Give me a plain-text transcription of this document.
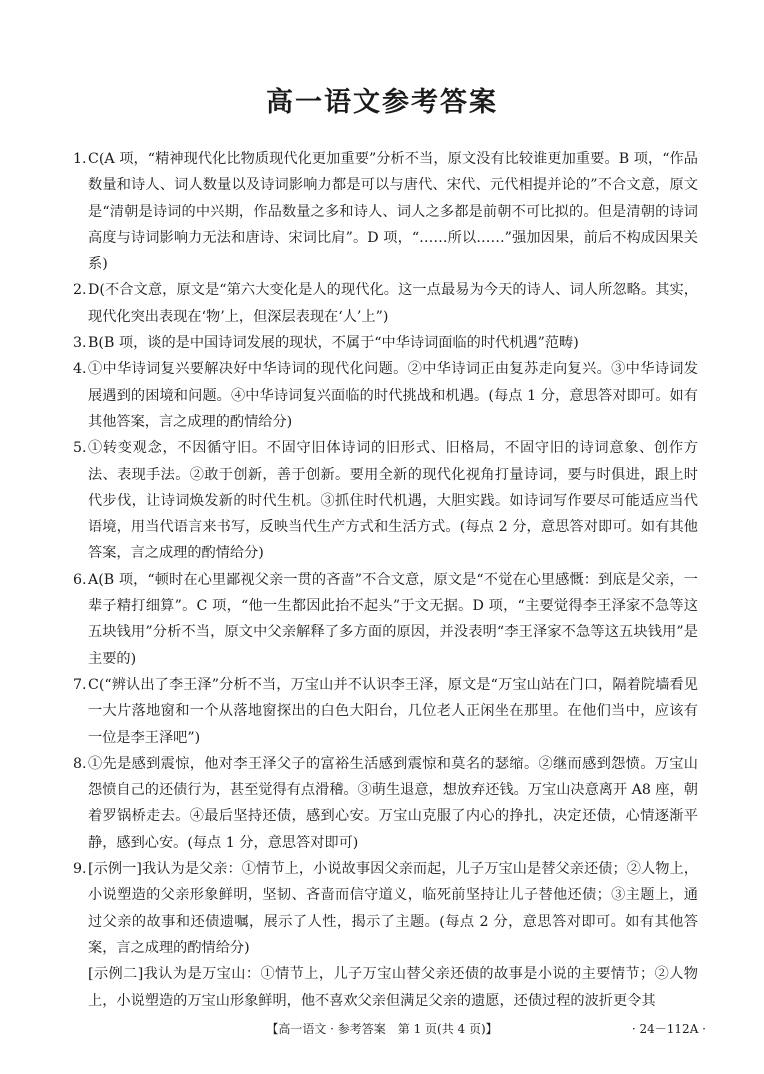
高一语文参考答案
1. C(A 项，“精神现代化比物质现代化更加重要”分析不当，原文没有比较谁更加重要。B 项，“作品数量和诗人、词人数量以及诗词影响力都是可以与唐代、宋代、元代相提并论的”不合文意，原文是“清朝是诗词的中兴期，作品数量之多和诗人、词人之多都是前朝不可比拟的。但是清朝的诗词高度与诗词影响力无法和唐诗、宋词比肩”。D 项，“……所以……”强加因果，前后不构成因果关系)
2. D(不合文意，原文是“第六大变化是人的现代化。这一点最易为今天的诗人、词人所忽略。其实，现代化突出表现在‘物’上，但深层表现在‘人’上”)
3. B(B 项，谈的是中国诗词发展的现状，不属于“中华诗词面临的时代机遇”范畴)
4. ①中华诗词复兴要解决好中华诗词的现代化问题。②中华诗词正由复苏走向复兴。③中华诗词发展遇到的困境和问题。④中华诗词复兴面临的时代挑战和机遇。(每点 1 分，意思答对即可。如有其他答案，言之成理的酌情给分)
5. ①转变观念，不因循守旧。不固守旧体诗词的旧形式、旧格局，不固守旧的诗词意象、创作方法、表现手法。②敢于创新，善于创新。要用全新的现代化视角打量诗词，要与时俱进，跟上时代步伐，让诗词焕发新的时代生机。③抓住时代机遇，大胆实践。如诗词写作要尽可能适应当代语境，用当代语言来书写，反映当代生产方式和生活方式。(每点 2 分，意思答对即可。如有其他答案，言之成理的酌情给分)
6. A(B 项，“顿时在心里鄙视父亲一贯的吝啬”不合文意，原文是“不觉在心里感慨：到底是父亲，一辈子精打细算”。C 项，“他一生都因此抬不起头”于文无据。D 项，“主要觉得李王泽家不急等这五块钱用”分析不当，原文中父亲解释了多方面的原因，并没表明“李王泽家不急等这五块钱用”是主要的)
7. C(“辨认出了李王泽”分析不当，万宝山并不认识李王泽，原文是“万宝山站在门口，隔着院墙看见一大片落地窗和一个从落地窗探出的白色大阳台，几位老人正闲坐在那里。在他们当中，应该有一位是李王泽吧”)
8. ①先是感到震惊，他对李王泽父子的富裕生活感到震惊和莫名的瑟缩。②继而感到怨愤。万宝山怨愤自己的还债行为，甚至觉得有点滑稽。③萌生退意，想放弃还钱。万宝山决意离开 A8 座，朝着罗锅桥走去。④最后坚持还债，感到心安。万宝山克服了内心的挣扎，决定还债，心情逐渐平静，感到心安。(每点 1 分，意思答对即可)
9. [示例一]我认为是父亲：①情节上，小说故事因父亲而起，儿子万宝山是替父亲还债；②人物上，小说塑造的父亲形象鲜明，坚韧、吝啬而信守道义，临死前坚持让儿子替他还债；③主题上，通过父亲的故事和还债遗嘱，展示了人性，揭示了主题。(每点 2 分，意思答对即可。如有其他答案，言之成理的酌情给分)
[示例二]我认为是万宝山：①情节上，儿子万宝山替父亲还债的故事是小说的主要情节；②人物上，小说塑造的万宝山形象鲜明，他不喜欢父亲但满足父亲的遗愿，还债过程的波折更令其
【高一语文 · 参考答案　第 1 页(共 4 页)】	· 24－112A ·
